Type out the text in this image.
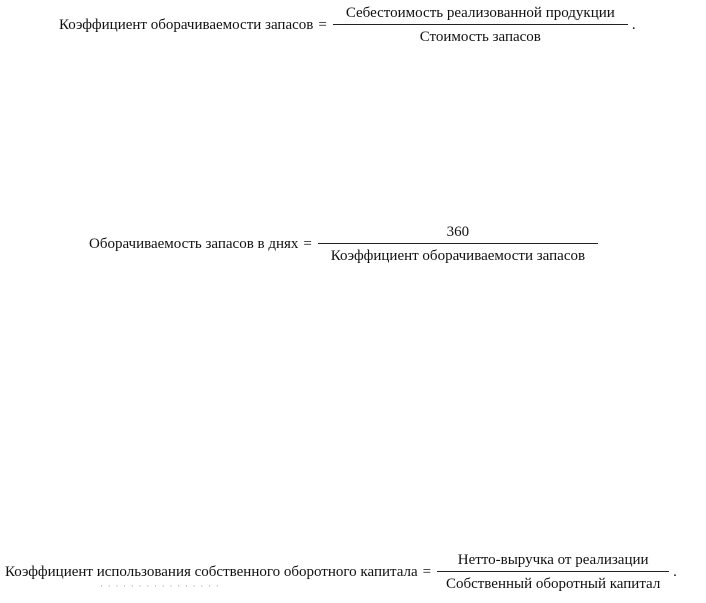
Коэффициент оборачиваемости запасов = $\frac{\text{Себестоимость реализованной продукции}}{\text{Стоимость запасов}}$ .
Оборачиваемость запасов в днях = $\frac{360}{\text{Коэффициент оборачиваемости запасов}}$
Коэффициент использования собственного оборотного капитала = $\frac{\text{Нетто-выручка от реализации}}{\text{Собственный оборотный капитал}}$ .
· · · · · · · · · · · · · · · ·
